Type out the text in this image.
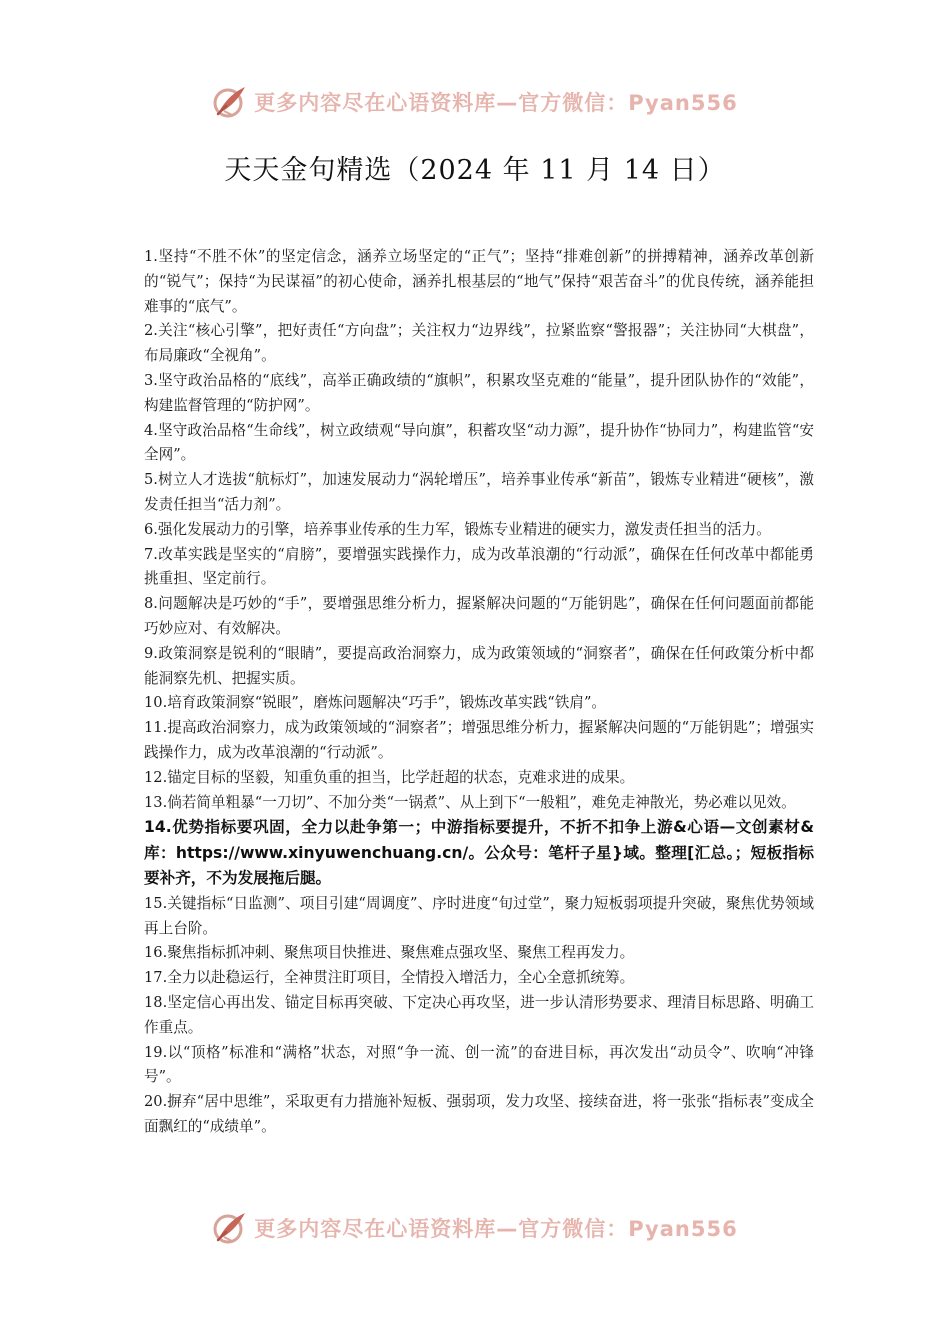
更多内容尽在心语资料库—官方微信：Pyan556
天天金句精选（2024 年 11 月 14 日）

1.坚持“不胜不休”的坚定信念，涵养立场坚定的“正气”；坚持“排难创新”的拼搏精神，涵养改革创新的“锐气”；保持“为民谋福”的初心使命，涵养扎根基层的“地气”保持“艰苦奋斗”的优良传统，涵养能担难事的“底气”。

2.关注“核心引擎”，把好责任“方向盘”；关注权力“边界线”，拉紧监察“警报器”；关注协同“大棋盘”，布局廉政“全视角”。

3.坚守政治品格的“底线”，高举正确政绩的“旗帜”，积累攻坚克难的“能量”，提升团队协作的“效能”，构建监督管理的“防护网”。

4.坚守政治品格“生命线”，树立政绩观“导向旗”，积蓄攻坚“动力源”，提升协作“协同力”，构建监管“安全网”。

5.树立人才选拔“航标灯”，加速发展动力“涡轮增压”，培养事业传承“新苗”，锻炼专业精进“硬核”，激发责任担当“活力剂”。

6.强化发展动力的引擎，培养事业传承的生力军，锻炼专业精进的硬实力，激发责任担当的活力。

7.改革实践是坚实的“肩膀”，要增强实践操作力，成为改革浪潮的“行动派”，确保在任何改革中都能勇挑重担、坚定前行。

8.问题解决是巧妙的“手”，要增强思维分析力，握紧解决问题的“万能钥匙”，确保在任何问题面前都能巧妙应对、有效解决。

9.政策洞察是锐利的“眼睛”，要提高政治洞察力，成为政策领域的“洞察者”，确保在任何政策分析中都能洞察先机、把握实质。

10.培育政策洞察“锐眼”，磨炼问题解决“巧手”，锻炼改革实践“铁肩”。

11.提高政治洞察力，成为政策领域的“洞察者”；增强思维分析力，握紧解决问题的“万能钥匙”；增强实践操作力，成为改革浪潮的“行动派”。

12.锚定目标的坚毅，知重负重的担当，比学赶超的状态，克难求进的成果。

13.倘若简单粗暴“一刀切”、不加分类“一锅煮”、从上到下“一般粗”，难免走神散光，势必难以见效。

14.优势指标要巩固，全力以赴争第一；中游指标要提升，不折不扣争上游&心语—文创素材&库：https://www.xinyuwenchuang.cn/。公众号：笔杆子星}域。整理[汇总。；短板指标要补齐，不为发展拖后腿。

15.关键指标“日监测”、项目引建“周调度”、序时进度“旬过堂”，聚力短板弱项提升突破，聚焦优势领域再上台阶。

16.聚焦指标抓冲刺、聚焦项目快推进、聚焦难点强攻坚、聚焦工程再发力。

17.全力以赴稳运行，全神贯注盯项目，全情投入增活力，全心全意抓统筹。

18.坚定信心再出发、锚定目标再突破、下定决心再攻坚，进一步认清形势要求、理清目标思路、明确工作重点。

19.以“顶格”标准和“满格”状态，对照“争一流、创一流”的奋进目标，再次发出“动员令”、吹响“冲锋号”。

20.摒弃“居中思维”，采取更有力措施补短板、强弱项，发力攻坚、接续奋进，将一张张“指标表”变成全面飘红的“成绩单”。

更多内容尽在心语资料库—官方微信：Pyan556
